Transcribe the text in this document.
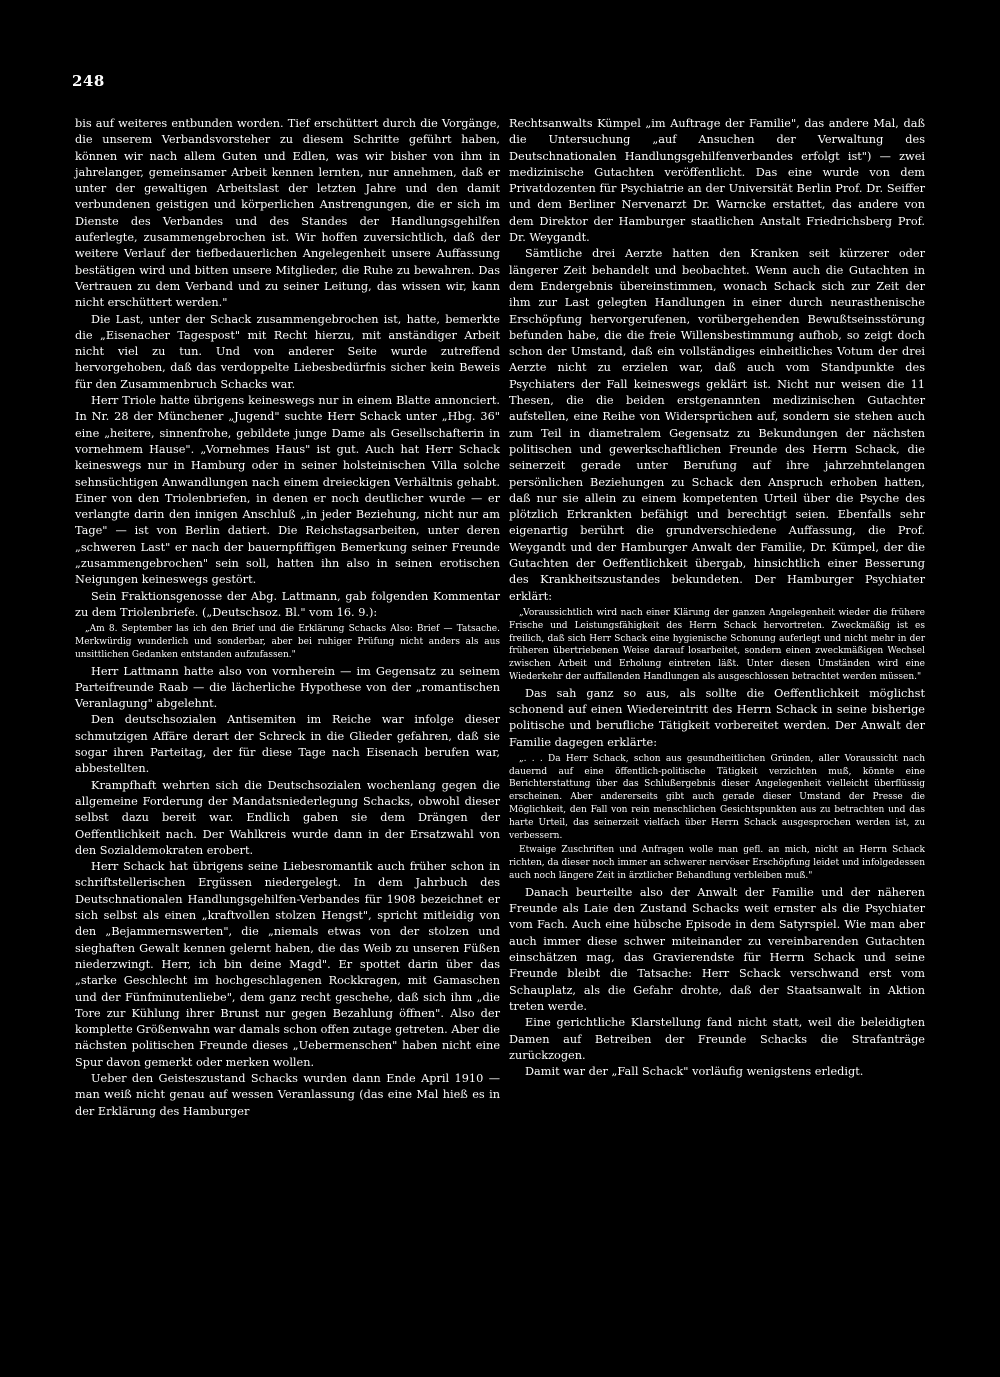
248

bis auf weiteres entbunden worden. Tief erschüttert durch die Vorgänge, die unserem Verbandsvorsteher zu diesem Schritte geführt haben, können wir nach allem Guten und Edlen, was wir bisher von ihm in jahrelanger, gemeinsamer Arbeit kennen lernten, nur annehmen, daß er unter der gewaltigen Arbeitslast der letzten Jahre und den damit verbundenen geistigen und körperlichen Anstrengungen, die er sich im Dienste des Verbandes und des Standes der Handlungsgehilfen auferlegte, zusammengebrochen ist. Wir hoffen zuversichtlich, daß der weitere Verlauf der tiefbedauerlichen Angelegenheit unsere Auffassung bestätigen wird und bitten unsere Mitglieder, die Ruhe zu bewahren. Das Vertrauen zu dem Verband und zu seiner Leitung, das wissen wir, kann nicht erschüttert werden."

Die Last, unter der Schack zusammengebrochen ist, hatte, bemerkte die „Eisenacher Tagespost" mit Recht hierzu, mit anständiger Arbeit nicht viel zu tun. Und von anderer Seite wurde zutreffend hervorgehoben, daß das verdoppelte Liebesbedürfnis sicher kein Beweis für den Zusammenbruch Schacks war.

Herr Triole hatte übrigens keineswegs nur in einem Blatte annonciert. In Nr. 28 der Münchener „Jugend" suchte Herr Schack unter „Hbg. 36" eine „heitere, sinnenfrohe, gebildete junge Dame als Gesellschafterin in vornehmem Hause". „Vornehmes Haus" ist gut. Auch hat Herr Schack keineswegs nur in Hamburg oder in seiner holsteinischen Villa solche sehnsüchtigen Anwandlungen nach einem dreieckigen Verhältnis gehabt. Einer von den Triolenbriefen, in denen er noch deutlicher wurde — er verlangte darin den innigen Anschluß „in jeder Beziehung, nicht nur am Tage" — ist von Berlin datiert. Die Reichstagsarbeiten, unter deren „schweren Last" er nach der bauernpfiffigen Bemerkung seiner Freunde „zusammengebrochen" sein soll, hatten ihn also in seinen erotischen Neigungen keineswegs gestört.

Sein Fraktionsgenosse der Abg. Lattmann, gab folgenden Kommentar zu dem Triolenbriefe. („Deutschsoz. Bl." vom 16. 9.):

„Am 8. September las ich den Brief und die Erklärung Schacks Also: Brief — Tatsache. Merkwürdig wunderlich und sonderbar, aber bei ruhiger Prüfung nicht anders als aus unsittlichen Gedanken entstanden aufzufassen."

Herr Lattmann hatte also von vornherein — im Gegensatz zu seinem Parteifreunde Raab — die lächerliche Hypothese von der „romantischen Veranlagung" abgelehnt.

Den deutschsozialen Antisemiten im Reiche war infolge dieser schmutzigen Affäre derart der Schreck in die Glieder gefahren, daß sie sogar ihren Parteitag, der für diese Tage nach Eisenach berufen war, abbestellten.

Krampfhaft wehrten sich die Deutschsozialen wochenlang gegen die allgemeine Forderung der Mandatsniederlegung Schacks, obwohl dieser selbst dazu bereit war. Endlich gaben sie dem Drängen der Oeffentlichkeit nach. Der Wahlkreis wurde dann in der Ersatzwahl von den Sozialdemokraten erobert.

Herr Schack hat übrigens seine Liebesromantik auch früher schon in schriftstellerischen Ergüssen niedergelegt. In dem Jahrbuch des Deutschnationalen Handlungsgehilfen-Verbandes für 1908 bezeichnet er sich selbst als einen „kraftvollen stolzen Hengst", spricht mitleidig von den „Bejammernswerten", die „niemals etwas von der stolzen und sieghaften Gewalt kennen gelernt haben, die das Weib zu unseren Füßen niederzwingt. Herr, ich bin deine Magd". Er spottet darin über das „starke Geschlecht im hochgeschlagenen Rockkragen, mit Gamaschen und der Fünfminutenliebe", dem ganz recht geschehe, daß sich ihm „die Tore zur Kühlung ihrer Brunst nur gegen Bezahlung öffnen". Also der komplette Größenwahn war damals schon offen zutage getreten. Aber die nächsten politischen Freunde dieses „Uebermenschen" haben nicht eine Spur davon gemerkt oder merken wollen.

Ueber den Geisteszustand Schacks wurden dann Ende April 1910 — man weiß nicht genau auf wessen Veranlassung (das eine Mal hieß es in der Erklärung des Hamburger

Rechtsanwalts Kümpel „im Auftrage der Familie", das andere Mal, daß die Untersuchung „auf Ansuchen der Verwaltung des Deutschnationalen Handlungsgehilfenverbandes erfolgt ist") — zwei medizinische Gutachten veröffentlicht. Das eine wurde von dem Privatdozenten für Psychiatrie an der Universität Berlin Prof. Dr. Seiffer und dem Berliner Nervenarzt Dr. Warncke erstattet, das andere von dem Direktor der Hamburger staatlichen Anstalt Friedrichsberg Prof. Dr. Weygandt.

Sämtliche drei Aerzte hatten den Kranken seit kürzerer oder längerer Zeit behandelt und beobachtet. Wenn auch die Gutachten in dem Endergebnis übereinstimmen, wonach Schack sich zur Zeit der ihm zur Last gelegten Handlungen in einer durch neurasthenische Erschöpfung hervorgerufenen, vorübergehenden Bewußtseinsstörung befunden habe, die die freie Willensbestimmung aufhob, so zeigt doch schon der Umstand, daß ein vollständiges einheitliches Votum der drei Aerzte nicht zu erzielen war, daß auch vom Standpunkte des Psychiaters der Fall keineswegs geklärt ist. Nicht nur weisen die 11 Thesen, die die beiden erstgenannten medizinischen Gutachter aufstellen, eine Reihe von Widersprüchen auf, sondern sie stehen auch zum Teil in diametralem Gegensatz zu Bekundungen der nächsten politischen und gewerkschaftlichen Freunde des Herrn Schack, die seinerzeit gerade unter Berufung auf ihre jahrzehntelangen persönlichen Beziehungen zu Schack den Anspruch erhoben hatten, daß nur sie allein zu einem kompetenten Urteil über die Psyche des plötzlich Erkrankten befähigt und berechtigt seien. Ebenfalls sehr eigenartig berührt die grundverschiedene Auffassung, die Prof. Weygandt und der Hamburger Anwalt der Familie, Dr. Kümpel, der die Gutachten der Oeffentlichkeit übergab, hinsichtlich einer Besserung des Krankheitszustandes bekundeten. Der Hamburger Psychiater erklärt:

„Voraussichtlich wird nach einer Klärung der ganzen Angelegenheit wieder die frühere Frische und Leistungsfähigkeit des Herrn Schack hervortreten. Zweckmäßig ist es freilich, daß sich Herr Schack eine hygienische Schonung auferlegt und nicht mehr in der früheren übertriebenen Weise darauf losarbeitet, sondern einen zweckmäßigen Wechsel zwischen Arbeit und Erholung eintreten läßt. Unter diesen Umständen wird eine Wiederkehr der auffallenden Handlungen als ausgeschlossen betrachtet werden müssen."

Das sah ganz so aus, als sollte die Oeffentlichkeit möglichst schonend auf einen Wiedereintritt des Herrn Schack in seine bisherige politische und berufliche Tätigkeit vorbereitet werden. Der Anwalt der Familie dagegen erklärte:

„. . . Da Herr Schack, schon aus gesundheitlichen Gründen, aller Voraussicht nach dauernd auf eine öffentlich-politische Tätigkeit verzichten muß, könnte eine Berichterstattung über das Schlußergebnis dieser Angelegenheit vielleicht überflüssig erscheinen. Aber andererseits gibt auch gerade dieser Umstand der Presse die Möglichkeit, den Fall von rein menschlichen Gesichtspunkten aus zu betrachten und das harte Urteil, das seinerzeit vielfach über Herrn Schack ausgesprochen werden ist, zu verbessern.

Etwaige Zuschriften und Anfragen wolle man gefl. an mich, nicht an Herrn Schack richten, da dieser noch immer an schwerer nervöser Erschöpfung leidet und infolgedessen auch noch längere Zeit in ärztlicher Behandlung verbleiben muß."

Danach beurteilte also der Anwalt der Familie und der näheren Freunde als Laie den Zustand Schacks weit ernster als die Psychiater vom Fach. Auch eine hübsche Episode in dem Satyrspiel. Wie man aber auch immer diese schwer miteinander zu vereinbarenden Gutachten einschätzen mag, das Gravierendste für Herrn Schack und seine Freunde bleibt die Tatsache: Herr Schack verschwand erst vom Schauplatz, als die Gefahr drohte, daß der Staatsanwalt in Aktion treten werde.

Eine gerichtliche Klarstellung fand nicht statt, weil die beleidigten Damen auf Betreiben der Freunde Schacks die Strafanträge zurückzogen.

Damit war der „Fall Schack" vorläufig wenigstens erledigt.
